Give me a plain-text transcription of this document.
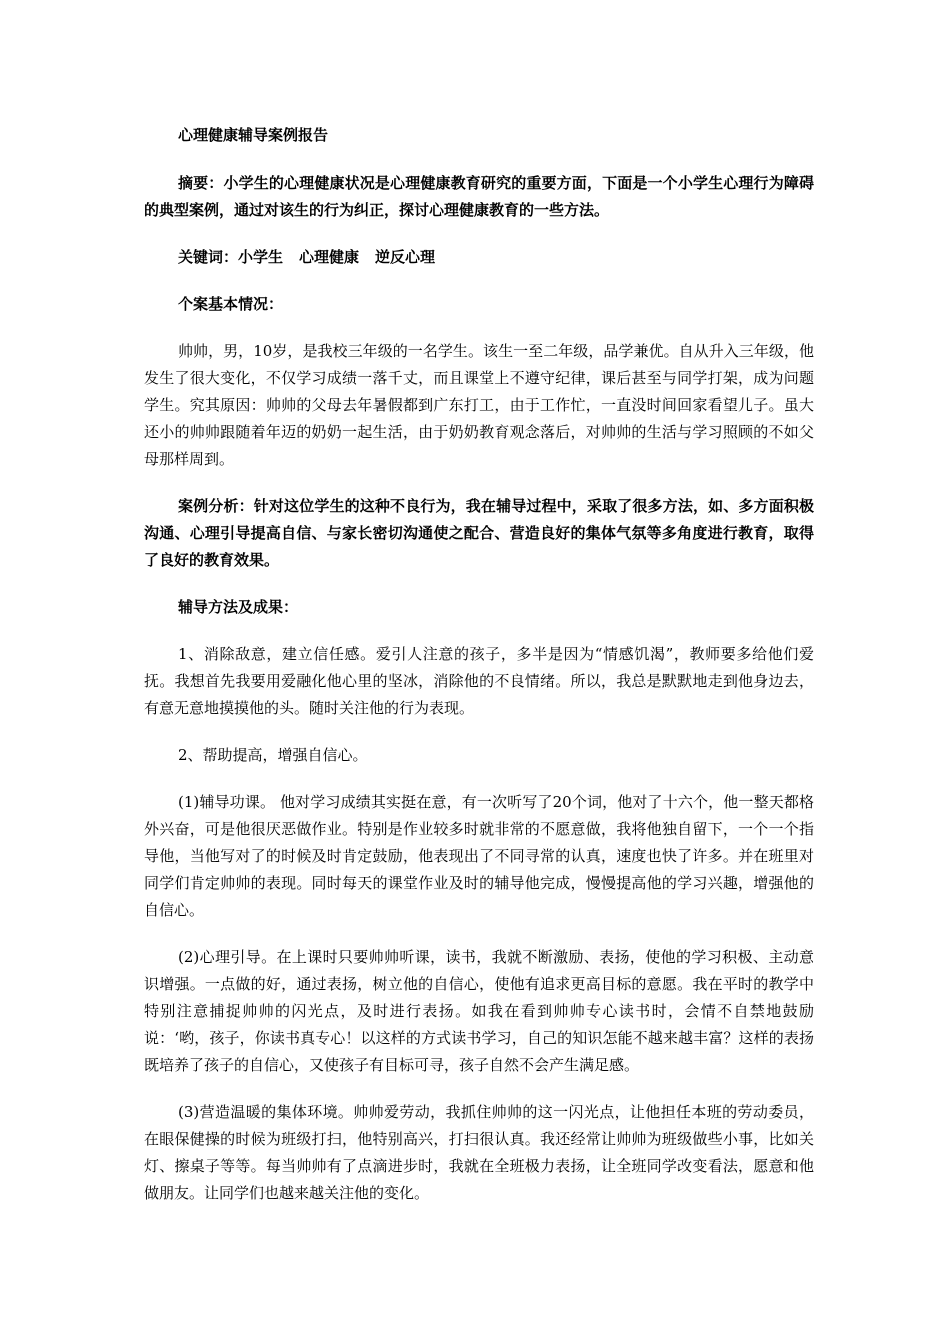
心理健康辅导案例报告

摘要：小学生的心理健康状况是心理健康教育研究的重要方面，下面是一个小学生心理行为障碍的典型案例，通过对该生的行为纠正，探讨心理健康教育的一些方法。

关键词：小学生 心理健康 逆反心理
个案基本情况：

帅帅，男，10岁，是我校三年级的一名学生。该生一至二年级，品学兼优。自从升入三年级，他发生了很大变化，不仅学习成绩一落千丈，而且课堂上不遵守纪律，课后甚至与同学打架，成为问题学生。究其原因：帅帅的父母去年暑假都到广东打工，由于工作忙，一直没时间回家看望儿子。虽大还小的帅帅跟随着年迈的奶奶一起生活，由于奶奶教育观念落后，对帅帅的生活与学习照顾的不如父母那样周到。

案例分析：针对这位学生的这种不良行为，我在辅导过程中，采取了很多方法，如、多方面积极沟通、心理引导提高自信、与家长密切沟通使之配合、营造良好的集体气氛等多角度进行教育，取得了良好的教育效果。

辅导方法及成果：

1、消除敌意，建立信任感。爱引人注意的孩子，多半是因为“情感饥渴”，教师要多给他们爱抚。我想首先我要用爱融化他心里的坚冰，消除他的不良情绪。所以，我总是默默地走到他身边去，有意无意地摸摸他的头。随时关注他的行为表现。

2、帮助提高，增强自信心。

(1)辅导功课。 他对学习成绩其实挺在意，有一次听写了20个词，他对了十六个，他一整天都格外兴奋，可是他很厌恶做作业。特别是作业较多时就非常的不愿意做，我将他独自留下，一个一个指导他，当他写对了的时候及时肯定鼓励，他表现出了不同寻常的认真，速度也快了许多。并在班里对同学们肯定帅帅的表现。同时每天的课堂作业及时的辅导他完成，慢慢提高他的学习兴趣，增强他的自信心。

(2)心理引导。在上课时只要帅帅听课，读书，我就不断激励、表扬，使他的学习积极、主动意识增强。一点做的好，通过表扬，树立他的自信心，使他有追求更高目标的意愿。我在平时的教学中特别注意捕捉帅帅的闪光点，及时进行表扬。如我在看到帅帅专心读书时，会情不自禁地鼓励说：‘哟，孩子，你读书真专心！以这样的方式读书学习，自己的知识怎能不越来越丰富？这样的表扬既培养了孩子的自信心，又使孩子有目标可寻，孩子自然不会产生满足感。

(3)营造温暖的集体环境。帅帅爱劳动，我抓住帅帅的这一闪光点，让他担任本班的劳动委员，在眼保健操的时候为班级打扫，他特别高兴，打扫很认真。我还经常让帅帅为班级做些小事，比如关灯、擦桌子等等。每当帅帅有了点滴进步时，我就在全班极力表扬，让全班同学改变看法，愿意和他做朋友。让同学们也越来越关注他的变化。
